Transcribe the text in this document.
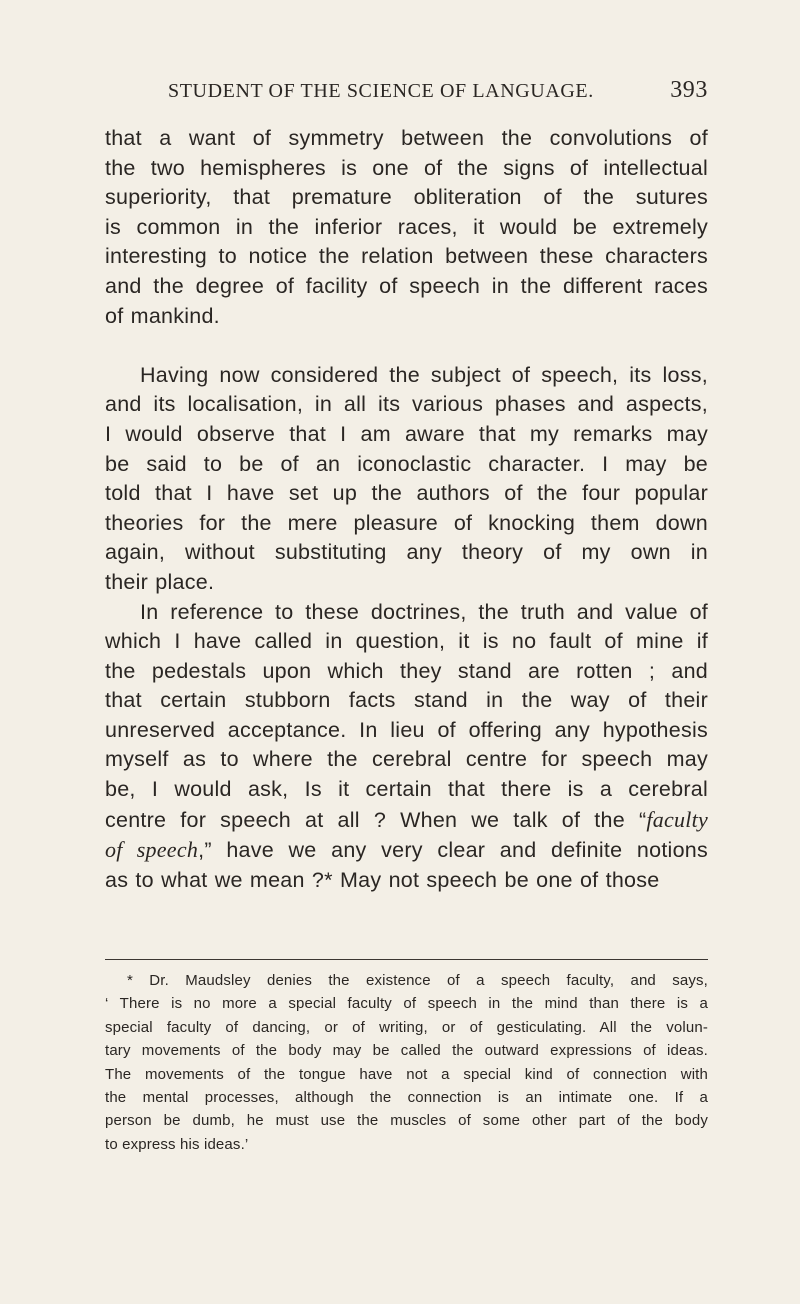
STUDENT OF THE SCIENCE OF LANGUAGE.	393

that a want of symmetry between the convolutions of
the two hemispheres is one of the signs of intellectual
superiority, that premature obliteration of the sutures
is common in the inferior races, it would be extremely
interesting to notice the relation between these characters
and the degree of facility of speech in the different races
of mankind.

Having now considered the subject of speech, its loss,
and its localisation, in all its various phases and aspects,
I would observe that I am aware that my remarks may
be said to be of an iconoclastic character. I may be
told that I have set up the authors of the four popular
theories for the mere pleasure of knocking them down
again, without substituting any theory of my own in
their place.

In reference to these doctrines, the truth and value of
which I have called in question, it is no fault of mine if
the pedestals upon which they stand are rotten ; and
that certain stubborn facts stand in the way of their
unreserved acceptance. In lieu of offering any hypothesis
myself as to where the cerebral centre for speech may
be, I would ask, Is it certain that there is a cerebral
centre for speech at all ? When we talk of the “faculty
of speech,” have we any very clear and definite notions
as to what we mean ?* May not speech be one of those

* Dr. Maudsley denies the existence of a speech faculty, and says,
‘ There is no more a special faculty of speech in the mind than there is a
special faculty of dancing, or of writing, or of gesticulating. All the volun-
tary movements of the body may be called the outward expressions of ideas.
The movements of the tongue have not a special kind of connection with
the mental processes, although the connection is an intimate one. If a
person be dumb, he must use the muscles of some other part of the body
to express his ideas.’
